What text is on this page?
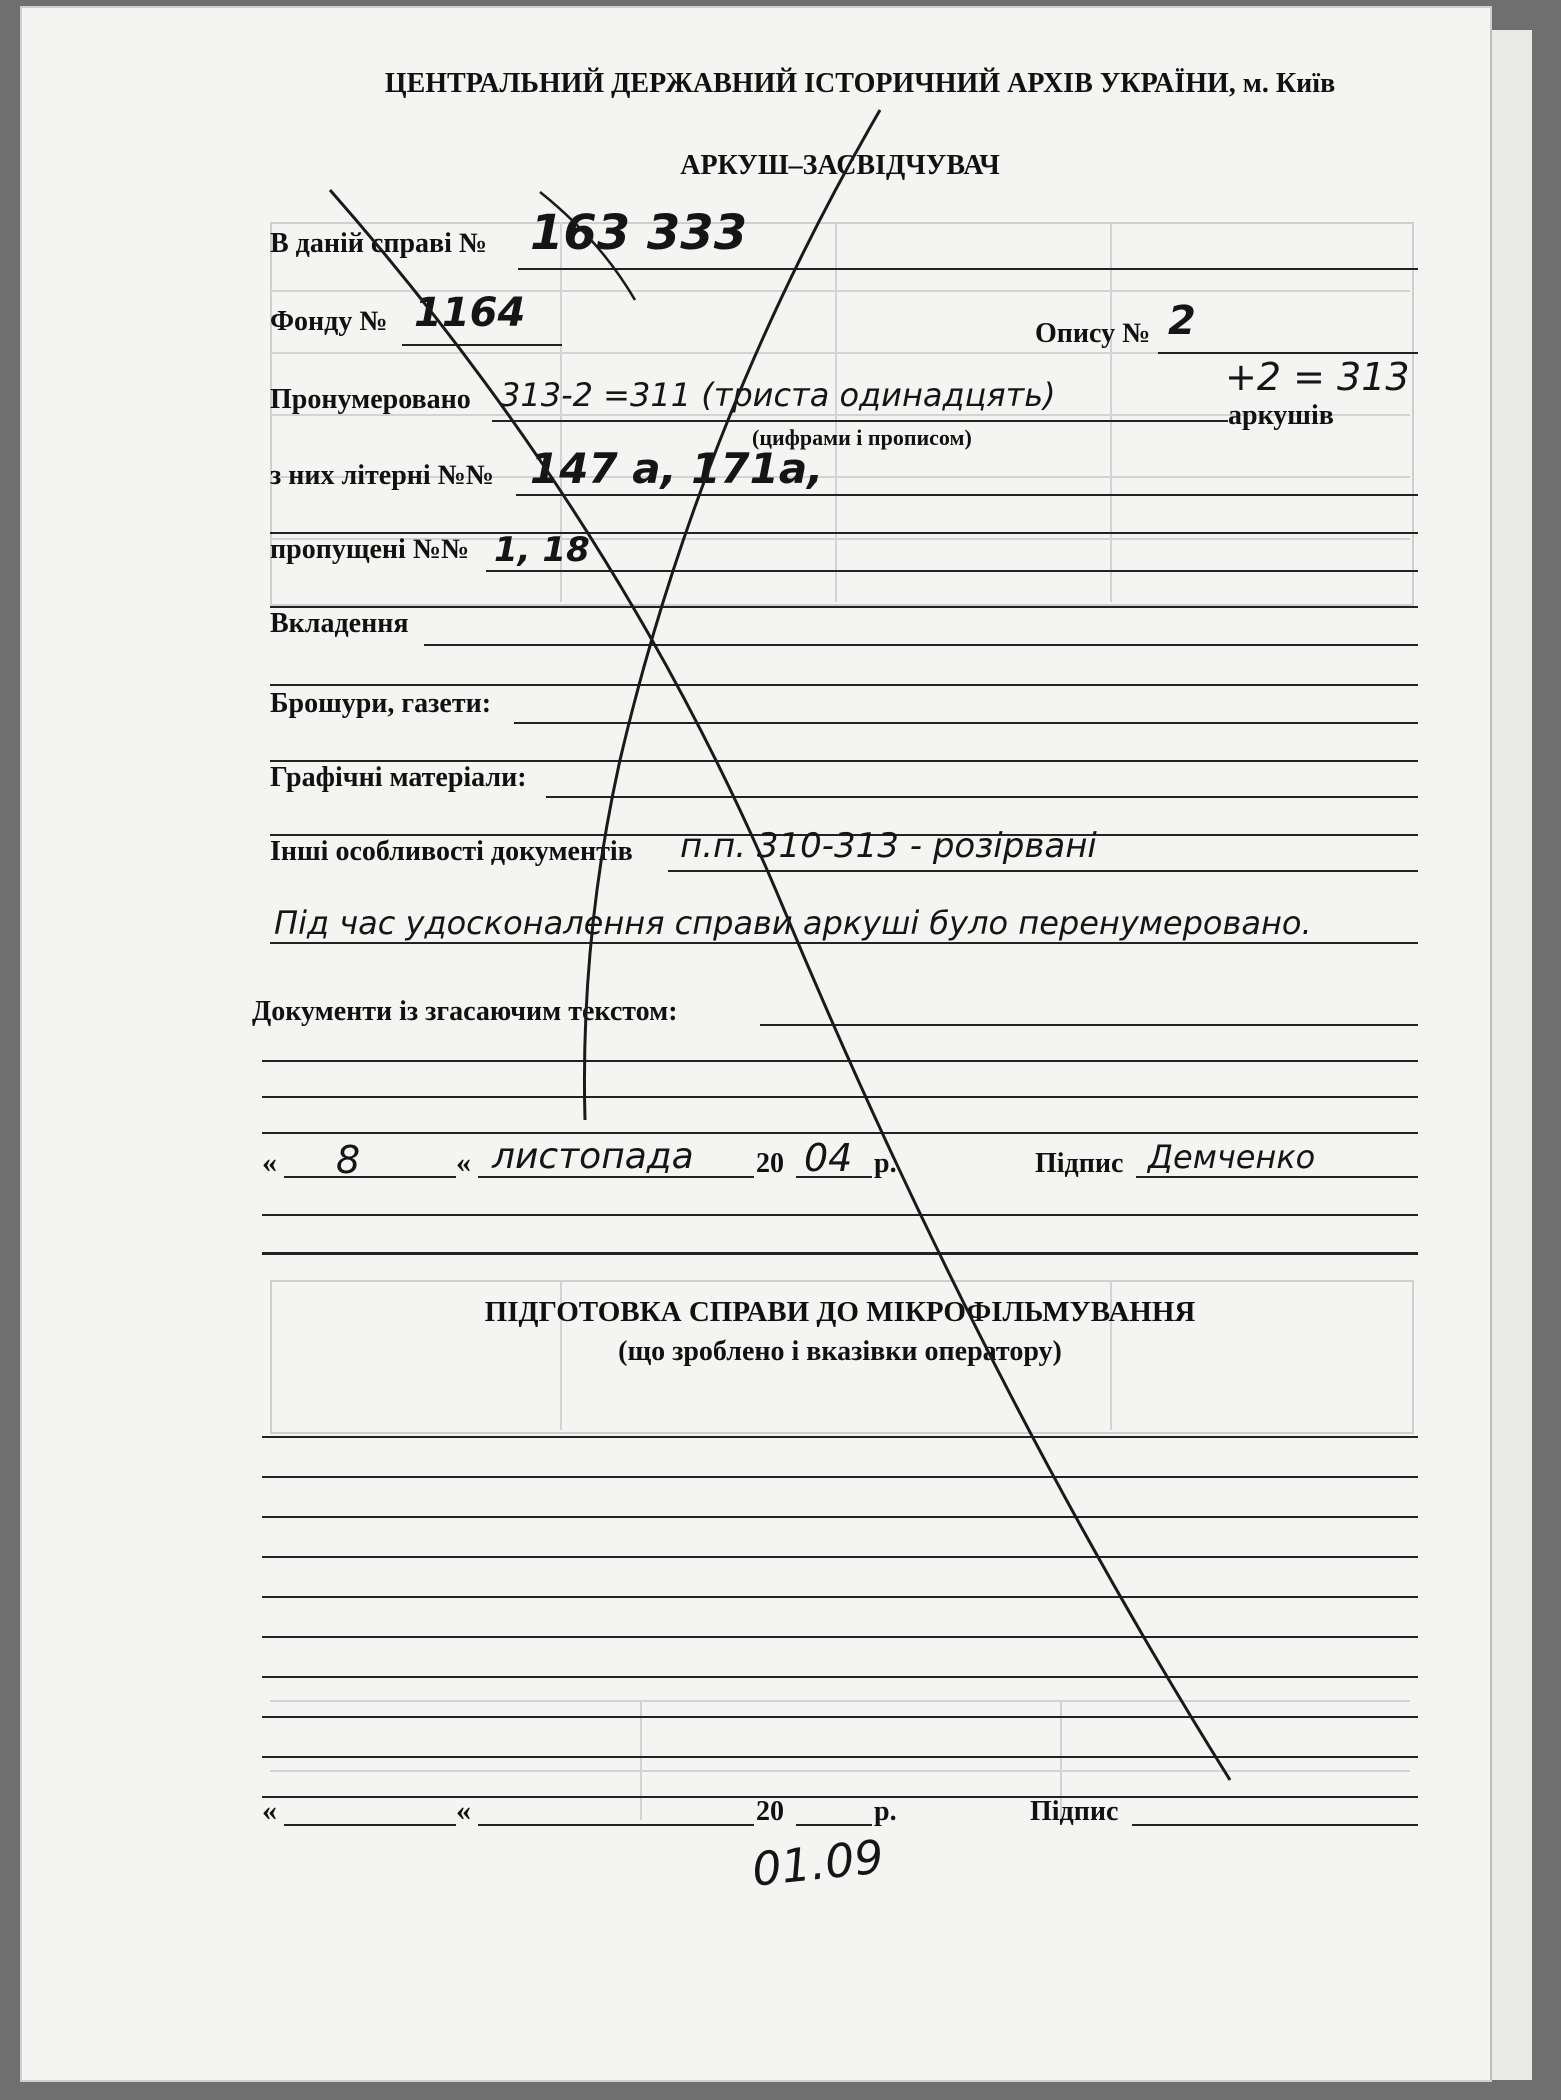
ЦЕНТРАЛЬНИЙ ДЕРЖАВНИЙ ІСТОРИЧНИЙ АРХІВ УКРАЇНИ, м. Київ
АРКУШ–ЗАСВІДЧУВАЧ
В даній справі № 163 333
Фонду № 1164	Опису № 2
+2 = 313
Пронумеровано 313-2 =311 (триста одинадцять)
аркушів
(цифрами і прописом)
з них літерні №№ 147 а, 171а,
пропущені №№ 1, 18
Вкладення
Брошури, газети:
Графічні матеріали:
Інші особливості документів п.п. 310-313 - розірвані
Під час удосконалення справи аркуші було перенумеровано.
Документи із згасаючим текстом:
« 8	« листопада 20 04 р.	Підпис Демченко
ПІДГОТОВКА СПРАВИ ДО МІКРОФІЛЬМУВАННЯ
(що зроблено і вказівки оператору)
«	«	20	р.	Підпис
01.09
